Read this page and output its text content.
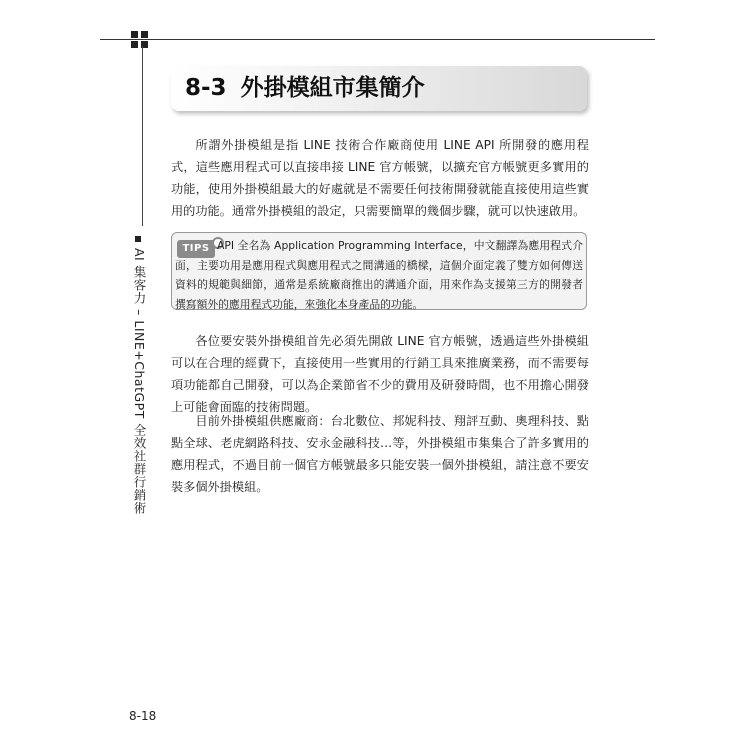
AI 集客力 – LINE+ChatGPT 全效社群行銷術
8-3 外掛模組市集簡介

所謂外掛模組是指 LINE 技術合作廠商使用 LINE API 所開發的應用程式，這些應用程式可以直接串接 LINE 官方帳號，以擴充官方帳號更多實用的功能，使用外掛模組最大的好處就是不需要任何技術開發就能直接使用這些實用的功能。通常外掛模組的設定，只需要簡單的幾個步驟，就可以快速啟用。

TIPS API 全名為 Application Programming Interface，中文翻譯為應用程式介面，主要功用是應用程式與應用程式之間溝通的橋樑，這個介面定義了雙方如何傳送資料的規範與細節，通常是系統廠商推出的溝通介面，用來作為支援第三方的開發者撰寫額外的應用程式功能，來強化本身產品的功能。

各位要安裝外掛模組首先必須先開啟 LINE 官方帳號，透過這些外掛模組可以在合理的經費下，直接使用一些實用的行銷工具來推廣業務，而不需要每項功能都自己開發，可以為企業節省不少的費用及研發時間，也不用擔心開發上可能會面臨的技術問題。

目前外掛模組供應廠商：台北數位、邦妮科技、翔評互動、奧理科技、點點全球、老虎網路科技、安永金融科技…等，外掛模組市集集合了許多實用的應用程式，不過目前一個官方帳號最多只能安裝一個外掛模組，請注意不要安裝多個外掛模組。

8-18
